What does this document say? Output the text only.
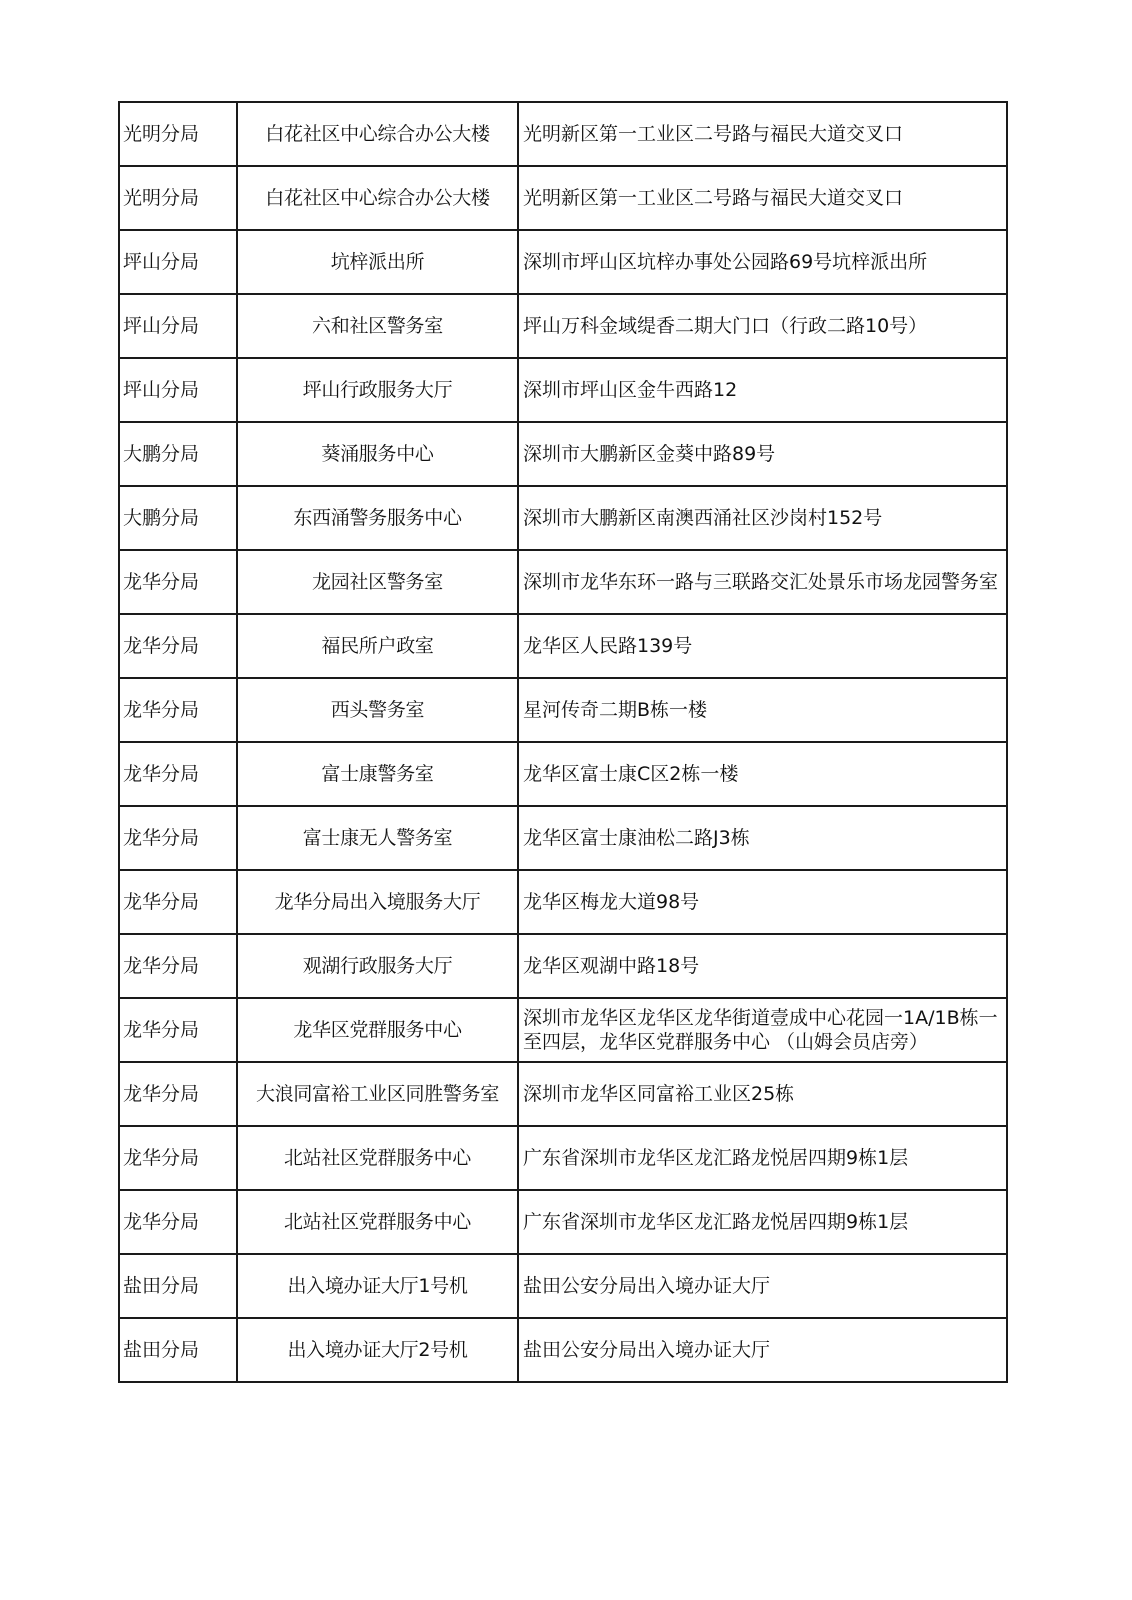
光明分局	白花社区中心综合办公大楼	光明新区第一工业区二号路与福民大道交叉口
光明分局	白花社区中心综合办公大楼	光明新区第一工业区二号路与福民大道交叉口
坪山分局	坑梓派出所	深圳市坪山区坑梓办事处公园路69号坑梓派出所
坪山分局	六和社区警务室	坪山万科金域缇香二期大门口（行政二路10号）
坪山分局	坪山行政服务大厅	深圳市坪山区金牛西路12
大鹏分局	葵涌服务中心	深圳市大鹏新区金葵中路89号
大鹏分局	东西涌警务服务中心	深圳市大鹏新区南澳西涌社区沙岗村152号
龙华分局	龙园社区警务室	深圳市龙华东环一路与三联路交汇处景乐市场龙园警务室
龙华分局	福民所户政室	龙华区人民路139号
龙华分局	西头警务室	星河传奇二期B栋一楼
龙华分局	富士康警务室	龙华区富士康C区2栋一楼
龙华分局	富士康无人警务室	龙华区富士康油松二路J3栋
龙华分局	龙华分局出入境服务大厅	龙华区梅龙大道98号
龙华分局	观湖行政服务大厅	龙华区观湖中路18号
龙华分局	龙华区党群服务中心	深圳市龙华区龙华区龙华街道壹成中心花园一1A/1B栋一至四层，龙华区党群服务中心 （山姆会员店旁）
龙华分局	大浪同富裕工业区同胜警务室	深圳市龙华区同富裕工业区25栋
龙华分局	北站社区党群服务中心	广东省深圳市龙华区龙汇路龙悦居四期9栋1层
龙华分局	北站社区党群服务中心	广东省深圳市龙华区龙汇路龙悦居四期9栋1层
盐田分局	出入境办证大厅1号机	盐田公安分局出入境办证大厅
盐田分局	出入境办证大厅2号机	盐田公安分局出入境办证大厅
